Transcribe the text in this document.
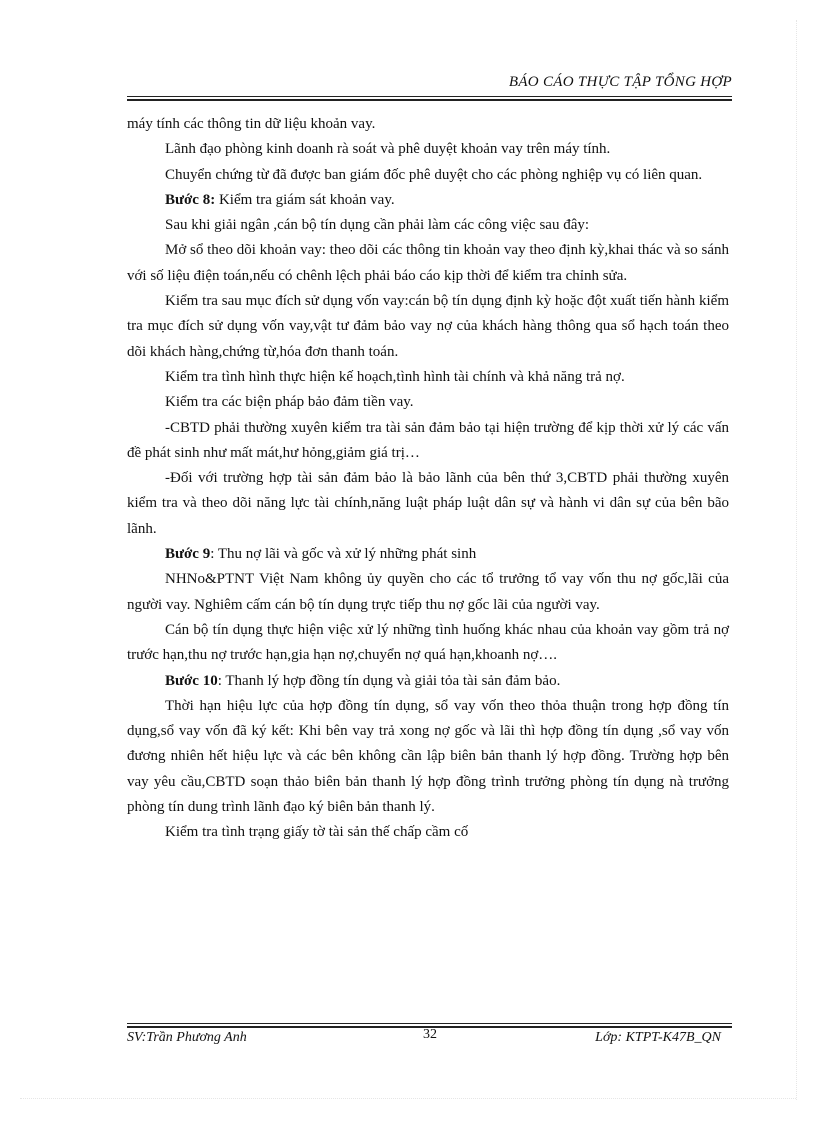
BÁO CÁO THỰC TẬP TỔNG HỢP

máy tính các thông tin dữ liệu khoản vay.

Lãnh đạo phòng kinh doanh rà soát và phê duyệt khoản vay trên máy tính.

Chuyển chứng từ đã được ban giám đốc phê duyệt cho các phòng nghiệp vụ có liên quan.

Bước 8: Kiểm tra giám sát khoản vay.

Sau khi giải ngân ,cán bộ tín dụng cần phải làm các công việc sau đây:

Mở sổ theo dõi khoản vay: theo dõi các thông tin khoản vay theo định kỳ,khai thác và so sánh với số liệu điện toán,nếu có chênh lệch phải báo cáo kịp thời để kiểm tra chỉnh sửa.

Kiểm tra sau mục đích sử dụng vốn vay:cán bộ tín dụng định kỳ hoặc đột xuất tiến hành kiểm tra mục đích sử dụng vốn vay,vật tư đảm bảo vay nợ của khách hàng thông qua sổ hạch toán theo dõi khách hàng,chứng từ,hóa đơn thanh toán.

Kiểm tra tình hình thực hiện kế hoạch,tình hình tài chính và khả năng trả nợ.

Kiểm tra các biện pháp bảo đảm tiền vay.

-CBTD phải thường xuyên kiểm tra tài sản đảm bảo tại hiện trường để kịp thời xử lý các vấn đề phát sinh như mất mát,hư hỏng,giảm giá trị…

-Đối với trường hợp tài sản đảm bảo là bảo lãnh của bên thứ 3,CBTD phải thường xuyên kiểm tra và theo dõi năng lực tài chính,năng luật pháp luật dân sự và hành vi dân sự của bên bão lãnh.

Bước 9: Thu nợ lãi và gốc và xử lý những phát sinh

NHNo&PTNT Việt Nam không ủy quyền cho các tổ trưởng tổ vay vốn thu nợ gốc,lãi của người vay. Nghiêm cấm cán bộ tín dụng trực tiếp thu nợ gốc lãi của người vay.

Cán bộ tín dụng thực hiện việc xử lý những tình huống khác nhau của khoản vay gồm trả nợ trước hạn,thu nợ trước hạn,gia hạn nợ,chuyển nợ quá hạn,khoanh nợ….

Bước 10: Thanh lý hợp đồng tín dụng và giải tỏa tài sản đảm bảo.

Thời hạn hiệu lực của hợp đồng tín dụng, sổ vay vốn theo thỏa thuận trong hợp đồng tín dụng,sổ vay vốn đã ký kết: Khi bên vay trả xong nợ gốc và lãi thì hợp đồng tín dụng ,sổ vay vốn đương nhiên hết hiệu lực và các bên không cần lập biên bản thanh lý hợp đồng. Trường hợp bên vay yêu cầu,CBTD soạn thảo biên bản thanh lý hợp đồng trình trưởng phòng tín dụng nà trưởng phòng tín dung trình lãnh đạo ký biên bản thanh lý.

Kiểm tra tình trạng giấy tờ tài sản thế chấp cầm cố

SV:Trần Phương Anh	32	Lớp: KTPT-K47B_QN
